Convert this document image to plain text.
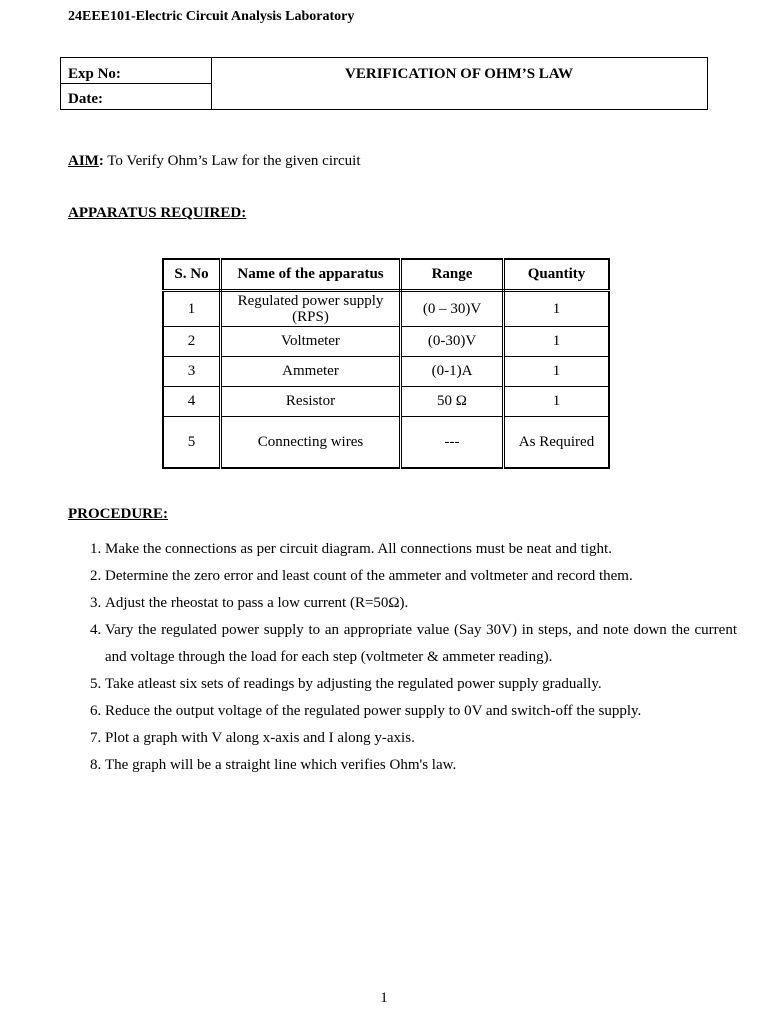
24EEE101-Electric Circuit Analysis Laboratory
Exp No:
Date:
VERIFICATION OF OHM’S LAW
AIM: To Verify Ohm’s Law for the given circuit
APPARATUS REQUIRED:
S. No	Name of the apparatus	Range	Quantity
1	Regulated power supply (RPS)	(0 – 30)V	1
2	Voltmeter	(0-30)V	1
3	Ammeter	(0-1)A	1
4	Resistor	50 Ω	1
5	Connecting wires	---	As Required
PROCEDURE:
1. Make the connections as per circuit diagram. All connections must be neat and tight.
2. Determine the zero error and least count of the ammeter and voltmeter and record them.
3. Adjust the rheostat to pass a low current (R=50Ω).
4. Vary the regulated power supply to an appropriate value (Say 30V) in steps, and note down the current and voltage through the load for each step (voltmeter & ammeter reading).
5. Take atleast six sets of readings by adjusting the regulated power supply gradually.
6. Reduce the output voltage of the regulated power supply to 0V and switch-off the supply.
7. Plot a graph with V along x-axis and I along y-axis.
8. The graph will be a straight line which verifies Ohm's law.
1
